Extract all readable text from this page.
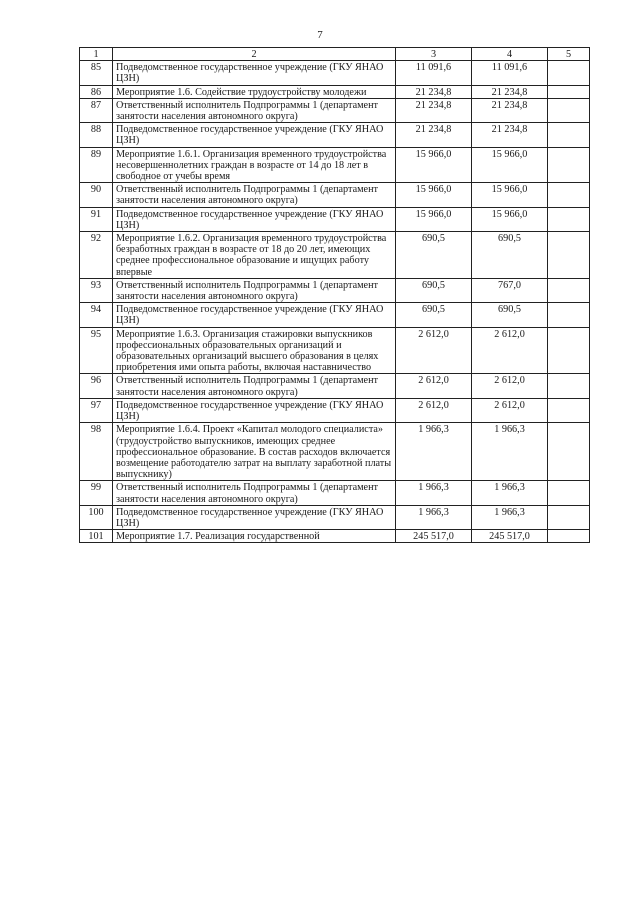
7
1	2	3	4	5
85	Подведомственное государственное учреждение (ГКУ ЯНАО ЦЗН)	11 091,6	11 091,6	
86	Мероприятие 1.6. Содействие трудоустройству молодежи	21 234,8	21 234,8	
87	Ответственный исполнитель Подпрограммы 1 (департамент занятости населения автономного округа)	21 234,8	21 234,8	
88	Подведомственное государственное учреждение (ГКУ ЯНАО ЦЗН)	21 234,8	21 234,8	
89	Мероприятие 1.6.1. Организация временного трудоустройства несовершеннолетних граждан в возрасте от 14 до 18 лет в свободное от учебы время	15 966,0	15 966,0	
90	Ответственный исполнитель Подпрограммы 1 (департамент занятости населения автономного округа)	15 966,0	15 966,0	
91	Подведомственное государственное учреждение (ГКУ ЯНАО ЦЗН)	15 966,0	15 966,0	
92	Мероприятие 1.6.2. Организация временного трудоустройства безработных граждан в возрасте от 18 до 20 лет, имеющих среднее профессиональное образование и ищущих работу впервые	690,5	690,5	
93	Ответственный исполнитель Подпрограммы 1 (департамент занятости населения автономного округа)	690,5	767,0	
94	Подведомственное государственное учреждение (ГКУ ЯНАО ЦЗН)	690,5	690,5	
95	Мероприятие 1.6.3. Организация стажировки выпускников профессиональных образовательных организаций и образовательных организаций высшего образования в целях приобретения ими опыта работы, включая наставничество	2 612,0	2 612,0	
96	Ответственный исполнитель Подпрограммы 1 (департамент занятости населения автономного округа)	2 612,0	2 612,0	
97	Подведомственное государственное учреждение (ГКУ ЯНАО ЦЗН)	2 612,0	2 612,0	
98	Мероприятие 1.6.4. Проект «Капитал молодого специалиста» (трудоустройство выпускников, имеющих среднее профессиональное образование. В состав расходов включается возмещение работодателю затрат на выплату заработной платы выпускнику)	1 966,3	1 966,3	
99	Ответственный исполнитель Подпрограммы 1 (департамент занятости населения автономного округа)	1 966,3	1 966,3	
100	Подведомственное государственное учреждение (ГКУ ЯНАО ЦЗН)	1 966,3	1 966,3	
101	Мероприятие 1.7. Реализация государственной	245 517,0	245 517,0	
